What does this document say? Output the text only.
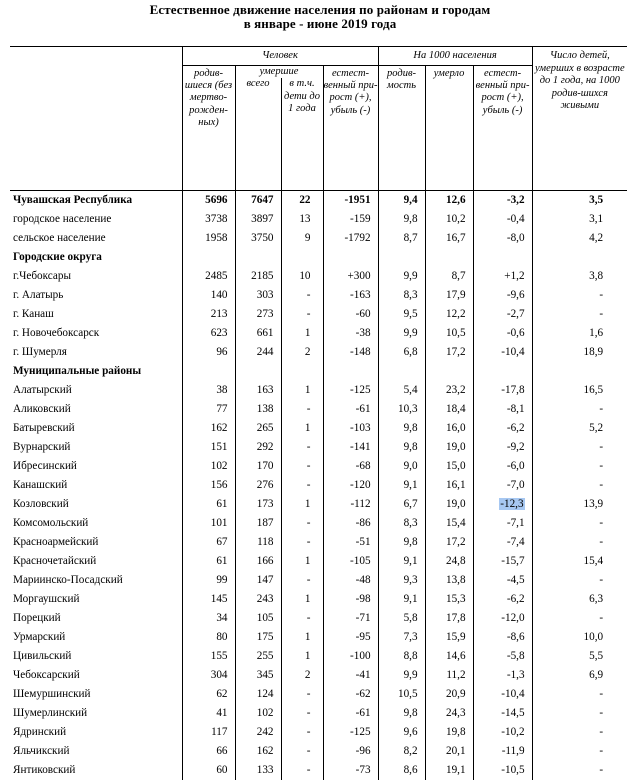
Естественное движение населения по районам и городам
в январе - июне 2019 года
	Человек				На 1000 населения			Число детей, умерших в возрасте до 1 года, на 1000 родив-шихся живыми
	родив-шиеся (без мертво-рожден-ных)	умершие		естест-венный при-рост (+), убыль (-)	родив-мость	умерло	естест-венный при-рост (+), убыль (-)	
		всего	в т.ч. дети до 1 года					
Чувашская Республика	5696	7647	22	-1951	9,4	12,6	-3,2	3,5
городское население	3738	3897	13	-159	9,8	10,2	-0,4	3,1
сельское население	1958	3750	9	-1792	8,7	16,7	-8,0	4,2
Городские округа								
г.Чебоксары	2485	2185	10	+300	9,9	8,7	+1,2	3,8
г. Алатырь	140	303	-	-163	8,3	17,9	-9,6	-
г. Канаш	213	273	-	-60	9,5	12,2	-2,7	-
г. Новочебоксарск	623	661	1	-38	9,9	10,5	-0,6	1,6
г. Шумерля	96	244	2	-148	6,8	17,2	-10,4	18,9
Муниципальные районы								
Алатырский	38	163	1	-125	5,4	23,2	-17,8	16,5
Аликовский	77	138	-	-61	10,3	18,4	-8,1	-
Батыревский	162	265	1	-103	9,8	16,0	-6,2	5,2
Вурнарский	151	292	-	-141	9,8	19,0	-9,2	-
Ибресинский	102	170	-	-68	9,0	15,0	-6,0	-
Канашский	156	276	-	-120	9,1	16,1	-7,0	-
Козловский	61	173	1	-112	6,7	19,0	-12,3	13,9
Комсомольский	101	187	-	-86	8,3	15,4	-7,1	-
Красноармейский	67	118	-	-51	9,8	17,2	-7,4	-
Красночетайский	61	166	1	-105	9,1	24,8	-15,7	15,4
Мариинско-Посадский	99	147	-	-48	9,3	13,8	-4,5	-
Моргаушский	145	243	1	-98	9,1	15,3	-6,2	6,3
Порецкий	34	105	-	-71	5,8	17,8	-12,0	-
Урмарский	80	175	1	-95	7,3	15,9	-8,6	10,0
Цивильский	155	255	1	-100	8,8	14,6	-5,8	5,5
Чебоксарский	304	345	2	-41	9,9	11,2	-1,3	6,9
Шемуршинский	62	124	-	-62	10,5	20,9	-10,4	-
Шумерлинский	41	102	-	-61	9,8	24,3	-14,5	-
Ядринский	117	242	-	-125	9,6	19,8	-10,2	-
Яльчикский	66	162	-	-96	8,2	20,1	-11,9	-
Янтиковский	60	133	-	-73	8,6	19,1	-10,5	-
